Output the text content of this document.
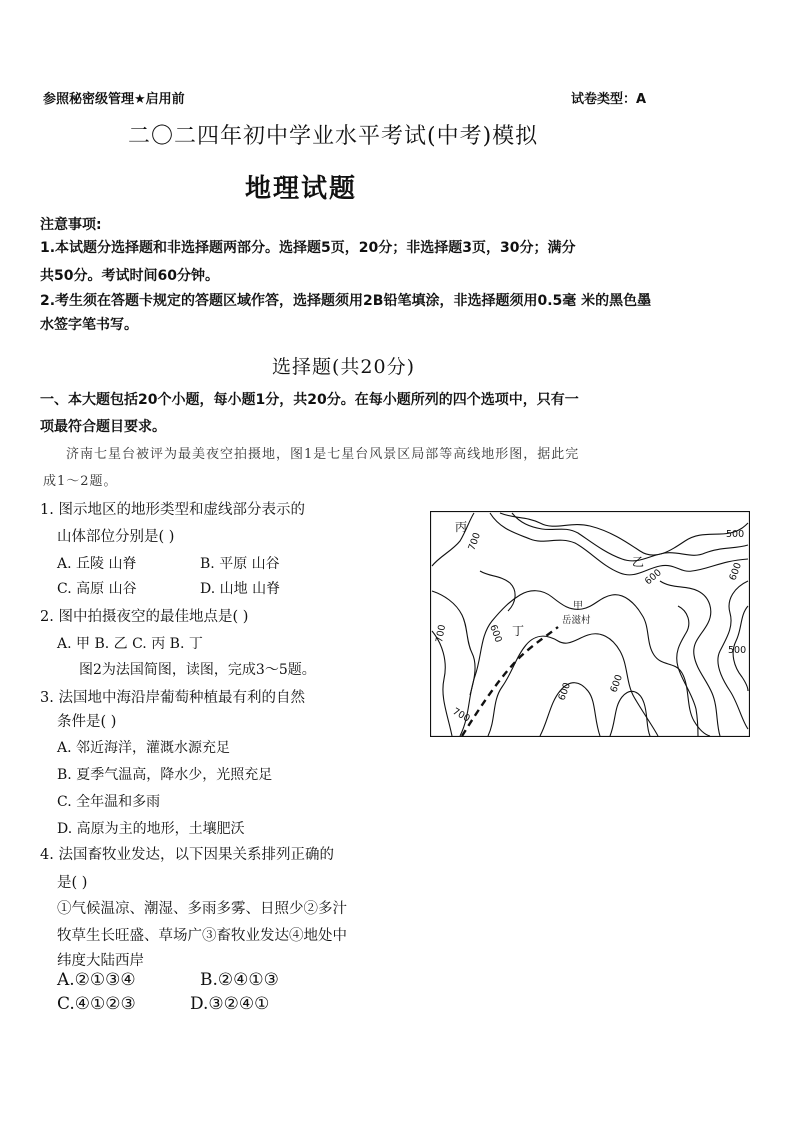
参照秘密级管理★启用前	试卷类型：A
二〇二四年初中学业水平考试(中考)模拟
地理试题
注意事项:
1.本试题分选择题和非选择题两部分。选择题5页，20分；非选择题3页，30分；满分
共50分。考试时间60分钟。
2.考生须在答题卡规定的答题区域作答，选择题须用2B铅笔填涂，非选择题须用0.5毫 米的黑色墨
水签字笔书写。
选择题(共20分)
一、本大题包括20个小题，每小题1分，共20分。在每小题所列的四个选项中，只有一
项最符合题目要求。
济南七星台被评为最美夜空拍摄地，图1是七星台风景区局部等高线地形图，据此完
成1～2题。
1. 图示地区的地形类型和虚线部分表示的
山体部位分别是( )
A. 丘陵 山脊	B. 平原 山谷
C. 高原 山谷	D. 山地 山脊
2. 图中拍摄夜空的最佳地点是( )
A. 甲 B. 乙 C. 丙 B. 丁
图2为法国简图，读图，完成3～5题。
3. 法国地中海沿岸葡萄种植最有利的自然
条件是( )
A. 邻近海洋，灌溉水源充足
B. 夏季气温高，降水少，光照充足
C. 全年温和多雨
D. 高原为主的地形，土壤肥沃
4. 法国畜牧业发达，以下因果关系排列正确的
是( )
①气候温凉、潮湿、多雨多雾、日照少②多汁
牧草生长旺盛、草场广③畜牧业发达④地处中
纬度大陆西岸
A.②①③④	B.②④①③
C.④①②③	D.③②④①
丙
乙
甲
岳滋村
丁
700	500
600	600
500
600
700
600	600
700
